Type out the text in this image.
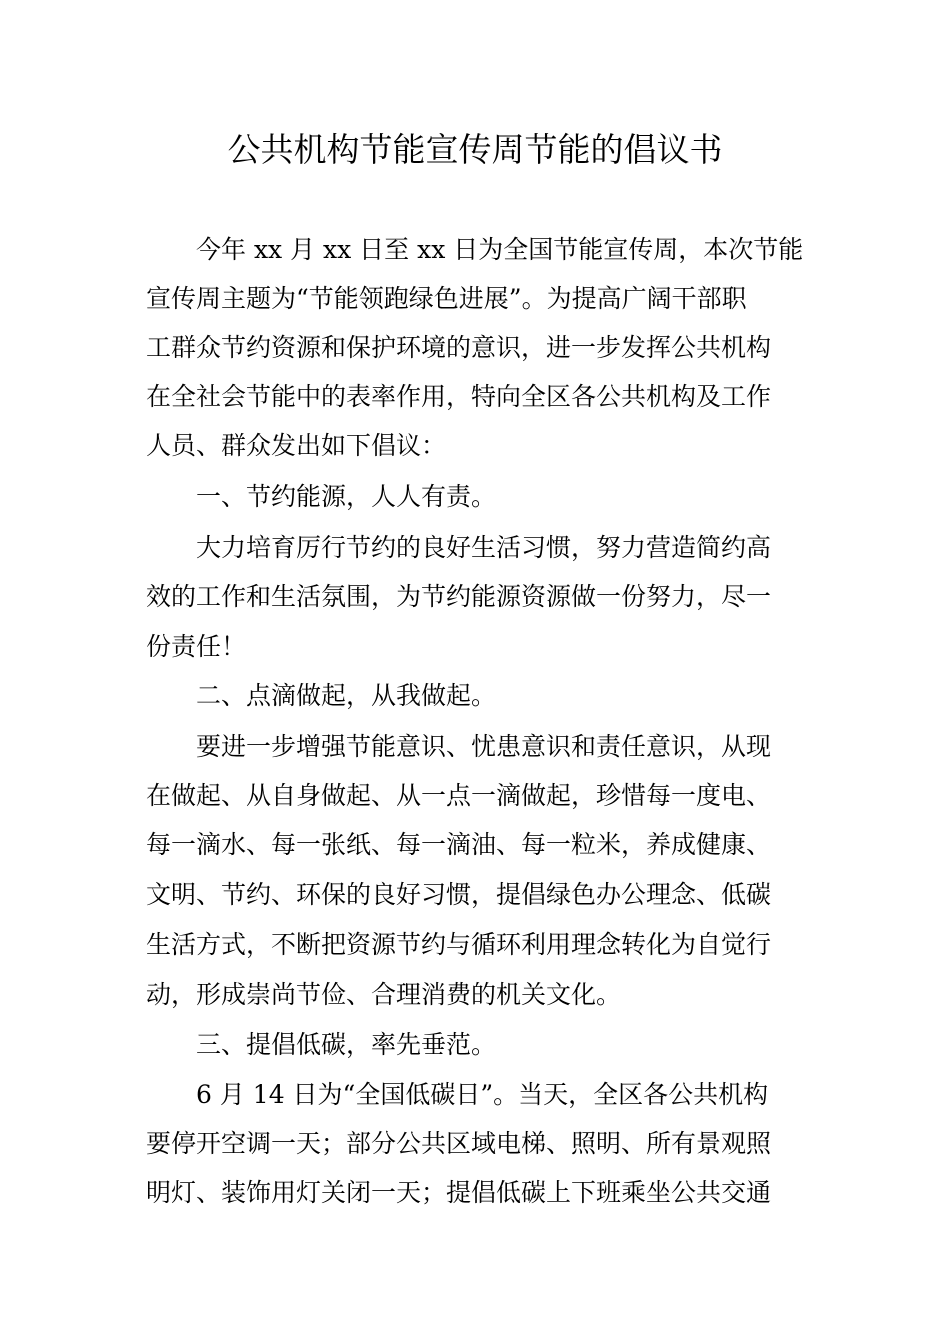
公共机构节能宣传周节能的倡议书

今年 xx 月 xx 日至 xx 日为全国节能宣传周，本次节能

宣传周主题为“节能领跑绿色进展”。为提高广阔干部职

工群众节约资源和保护环境的意识，进一步发挥公共机构

在全社会节能中的表率作用，特向全区各公共机构及工作

人员、群众发出如下倡议：

一、节约能源，人人有责。

大力培育厉行节约的良好生活习惯，努力营造简约高

效的工作和生活氛围，为节约能源资源做一份努力，尽一

份责任！

二、点滴做起，从我做起。

要进一步增强节能意识、忧患意识和责任意识，从现

在做起、从自身做起、从一点一滴做起，珍惜每一度电、

每一滴水、每一张纸、每一滴油、每一粒米，养成健康、

文明、节约、环保的良好习惯，提倡绿色办公理念、低碳

生活方式，不断把资源节约与循环利用理念转化为自觉行

动，形成崇尚节俭、合理消费的机关文化。

三、提倡低碳，率先垂范。

6 月 14 日为“全国低碳日”。当天，全区各公共机构

要停开空调一天；部分公共区域电梯、照明、所有景观照

明灯、装饰用灯关闭一天；提倡低碳上下班乘坐公共交通
